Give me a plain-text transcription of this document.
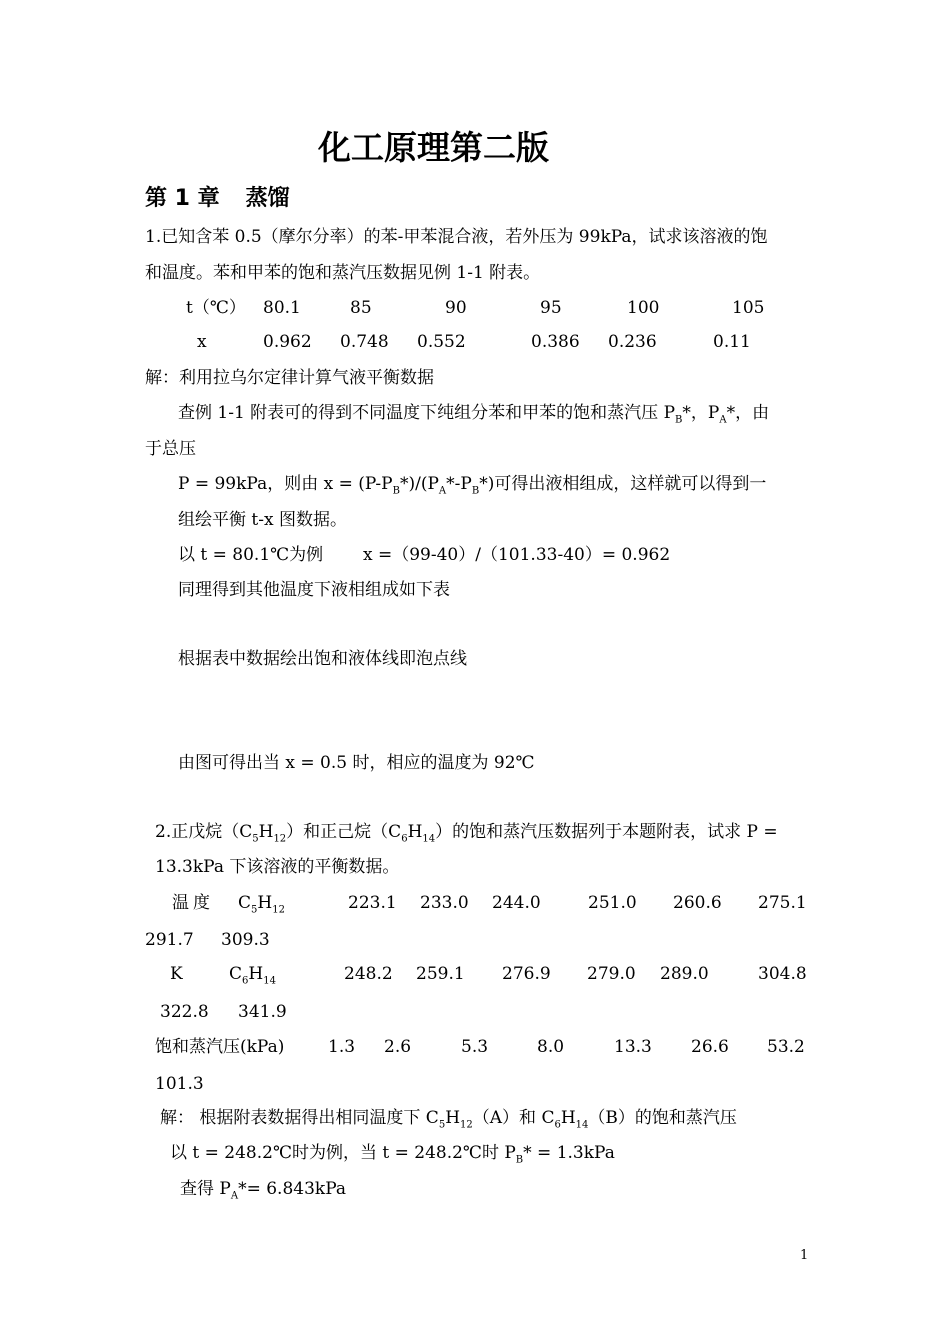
化工原理第二版
第 1 章 蒸馏
1.已知含苯 0.5（摩尔分率）的苯-甲苯混合液，若外压为 99kPa，试求该溶液的饱
和温度。苯和甲苯的饱和蒸汽压数据见例 1-1 附表。
t（℃） 80.1	85	90	95	100	105
x	0.962 0.748 0.552	0.386 0.236	0.11
解：利用拉乌尔定律计算气液平衡数据
查例 1-1 附表可的得到不同温度下纯组分苯和甲苯的饱和蒸汽压 $P_B*$，$P_A*$，由
于总压
P = 99kPa，则由 $x = (P-P_B*)/(P_A*-P_B*)$可得出液相组成，这样就可以得到一
组绘平衡 t-x 图数据。
以 t = 80.1℃为例 x =（99-40）/（101.33-40）= 0.962
同理得到其他温度下液相组成如下表
根据表中数据绘出饱和液体线即泡点线
由图可得出当 x = 0.5 时，相应的温度为 92℃
2.正戊烷$(C_5H_{12})$和正己烷$(C_6H_{14})$的饱和蒸汽压数据列于本题附表，试求 P =
13.3kPa 下该溶液的平衡数据。
温度 $C_5H_{12}$	223.1 233.0 244.0	251.0 260.6 275.1
291.7 309.3
K	$C_6H_{14}$	248.2 259.1 276.9 279.0 289.0	304.8
322.8 341.9
饱和蒸汽压(kPa)	1.3 2.6	5.3	8.0	13.3 26.6 53.2
101.3
解： 根据附表数据得出相同温度下 $C_5H_{12}(A)$和 $C_6H_{14}(B)$的饱和蒸汽压
以 t = 248.2℃时为例，当 t = 248.2℃时 $P_B* = 1.3kPa$
查得 $P_A*= 6.843kPa$
1
